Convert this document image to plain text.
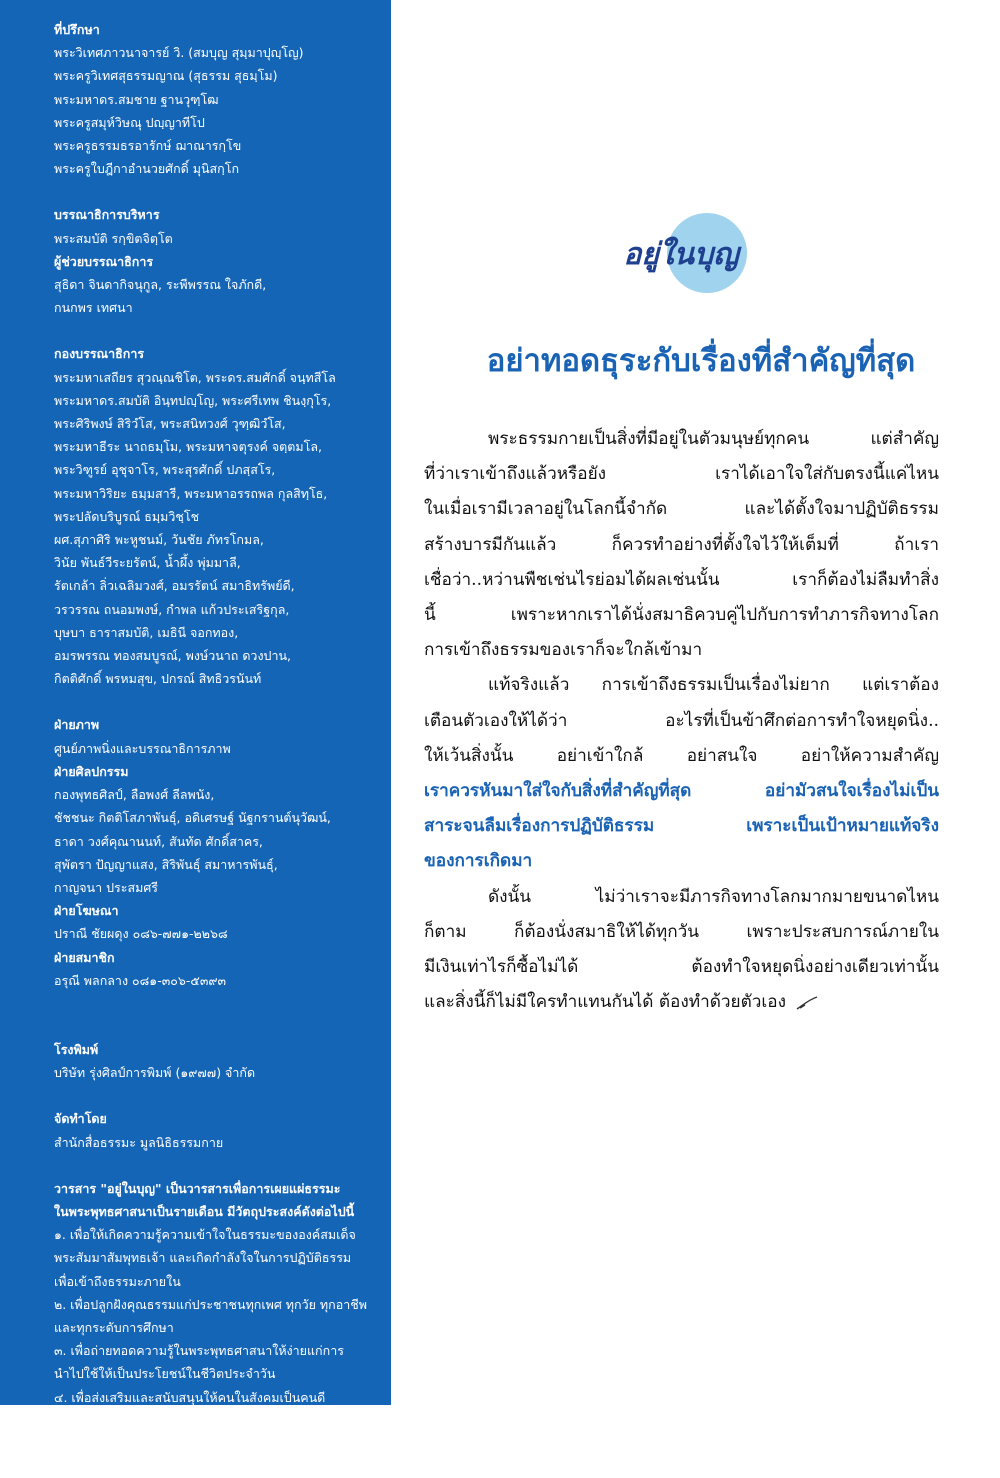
ที่ปรึกษา
พระวิเทศภาวนาจารย์ วิ. (สมบุญ สุมฺมาปุญฺโญ)
พระครูวิเทศสุธรรมญาณ (สุธรรม สุธมฺโม)
พระมหาดร.สมชาย ฐานวุฑฺโฒ
พระครูสมุห์วิษณุ ปญฺญาทีโป
พระครูธรรมธรอารักษ์ ฌาณารกฺโข
พระครูใบฎีกาอำนวยศักดิ์ มุนิสกฺโก
บรรณาธิการบริหาร
พระสมบัติ รกฺขิตจิตฺโต
ผู้ช่วยบรรณาธิการ
สุธิดา จินดากิจนุกูล, ระพีพรรณ ใจภักดี,
กนกพร เทศนา
กองบรรณาธิการ
พระมหาเสถียร สุวณฺณชิโต, พระดร.สมศักดิ์ จนฺทสีโล
พระมหาดร.สมบัติ อินฺทปญฺโญ, พระศรีเทพ ชินงฺกุโร,
พระศิริพงษ์ สิริวํโส, พระสนิทวงศ์ วุฑฺฒิวํโส,
พระมหาธีระ นาถธมฺโม, พระมหาจตุรงค์ จตฺตมโล,
พระวิฑูรย์ อุชุจาโร, พระสุรศักดิ์ ปภสฺสโร,
พระมหาวิริยะ ธมฺมสารี, พระมหาอรรถพล กุลสิทฺโธ,
พระปลัดบริบูรณ์ ธมฺมวิชฺโช
ผศ.สุภาศิริ พะหูชนม์, วันชัย ภัทรโกมล,
วินัย พันธ์วีระยรัตน์, น้ำผึ้ง พุ่มมาลี,
รัตเกล้า ลิ่วเฉลิมวงศ์, อมรรัตน์ สมาธิทรัพย์ดี,
วรวรรณ ถนอมพงษ์, กำพล แก้วประเสริฐกุล,
บุษบา ธาราสมบัติ, เมธินี จอกทอง,
อมรพรรณ ทองสมบูรณ์, พงษ์วนาถ ดวงปาน,
กิตติศักดิ์ พรหมสุข, ปกรณ์ สิทธิวรนันท์
ฝ่ายภาพ
ศูนย์ภาพนิ่งและบรรณาธิการภาพ
ฝ่ายศิลปกรรม
กองพุทธศิลป์, ลือพงศ์ ลีลพนัง,
ชัชชนะ กิตติโสภาพันธุ์, อดิเศรษฐ์ นัฐกรานต์นุวัฒน์,
ธาดา วงศ์คุณานนท์, สันทัด ศักดิ์สาคร,
สุพัตรา ปัญญาแสง, สิริพันธุ์ สมาหารพันธุ์,
กาญจนา ประสมศรี
ฝ่ายโฆษณา
ปราณี ชัยผดุง ๐๘๖-๗๗๑-๒๒๖๘
ฝ่ายสมาชิก
อรุณี พลกลาง ๐๘๑-๓๐๖-๕๓๙๓
โรงพิมพ์
บริษัท รุ่งศิลป์การพิมพ์ (๑๙๗๗) จำกัด
จัดทำโดย
สำนักสื่อธรรมะ มูลนิธิธรรมกาย
วารสาร "อยู่ในบุญ" เป็นวารสารเพื่อการเผยแผ่ธรรมะ
ในพระพุทธศาสนาเป็นรายเดือน มีวัตถุประสงค์ดังต่อไปนี้
๑. เพื่อให้เกิดความรู้ความเข้าใจในธรรมะขององค์สมเด็จ
พระสัมมาสัมพุทธเจ้า และเกิดกำลังใจในการปฏิบัติธรรม
เพื่อเข้าถึงธรรมะภายใน
๒. เพื่อปลูกฝังคุณธรรมแก่ประชาชนทุกเพศ ทุกวัย ทุกอาชีพ
และทุกระดับการศึกษา
๓. เพื่อถ่ายทอดความรู้ในพระพุทธศาสนาให้ง่ายแก่การ
นำไปใช้ให้เป็นประโยชน์ในชีวิตประจำวัน
๔. เพื่อส่งเสริมและสนับสนุนให้คนในสังคมเป็นคนดี
ที่โลกต้องการ
๕. เพื่อเป็นสื่อกลางในการสืบทอดอายุพระพุทธศาสนา
ให้เป็นที่พึ่งแก่ชาวโลกสืบไป
อยู่ในบุญ
อย่าทอดธุระกับเรื่องที่สำคัญที่สุด
พระธรรมกายเป็นสิ่งที่มีอยู่ในตัวมนุษย์ทุกคน แต่สำคัญ
ที่ว่าเราเข้าถึงแล้วหรือยัง เราได้เอาใจใส่กับตรงนี้แค่ไหน
ในเมื่อเรามีเวลาอยู่ในโลกนี้จำกัด และได้ตั้งใจมาปฏิบัติธรรม
สร้างบารมีกันแล้ว ก็ควรทำอย่างที่ตั้งใจไว้ให้เต็มที่ ถ้าเรา
เชื่อว่า..หว่านพืชเช่นไรย่อมได้ผลเช่นนั้น เราก็ต้องไม่ลืมทำสิ่ง
นี้ เพราะหากเราได้นั่งสมาธิควบคู่ไปกับการทำภารกิจทางโลก
การเข้าถึงธรรมของเราก็จะใกล้เข้ามา
แท้จริงแล้ว การเข้าถึงธรรมเป็นเรื่องไม่ยาก แต่เราต้อง
เตือนตัวเองให้ได้ว่า อะไรที่เป็นข้าศึกต่อการทำใจหยุดนิ่ง..
ให้เว้นสิ่งนั้น อย่าเข้าใกล้ อย่าสนใจ อย่าให้ความสำคัญ
เราควรหันมาใส่ใจกับสิ่งที่สำคัญที่สุด อย่ามัวสนใจเรื่องไม่เป็น
สาระจนลืมเรื่องการปฏิบัติธรรม เพราะเป็นเป้าหมายแท้จริง
ของการเกิดมา
ดังนั้น ไม่ว่าเราจะมีภารกิจทางโลกมากมายขนาดไหน
ก็ตาม ก็ต้องนั่งสมาธิให้ได้ทุกวัน เพราะประสบการณ์ภายใน
มีเงินเท่าไรก็ซื้อไม่ได้ ต้องทำใจหยุดนิ่งอย่างเดียวเท่านั้น
และสิ่งนี้ก็ไม่มีใครทำแทนกันได้ ต้องทำด้วยตัวเอง
